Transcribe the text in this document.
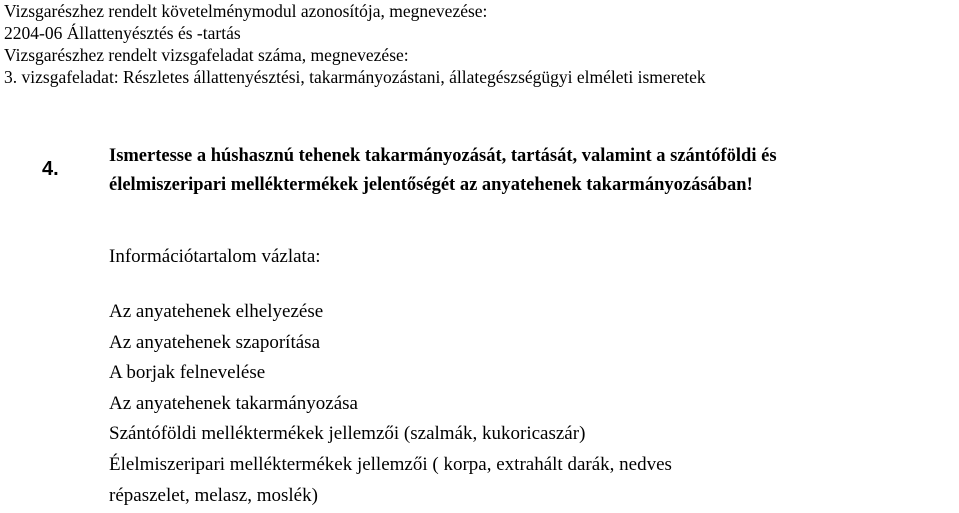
Vizsgarészhez rendelt követelménymodul azonosítója, megnevezése:
2204-06 Állattenyésztés és -tartás
Vizsgarészhez rendelt vizsgafeladat száma, megnevezése:
3. vizsgafeladat: Részletes állattenyésztési, takarmányozástani, állategészségügyi elméleti ismeretek
4.
Ismertesse a húshasznú tehenek takarmányozását, tartását, valamint a szántóföldi és
élelmiszeripari melléktermékek jelentőségét az anyatehenek takarmányozásában!
Információtartalom vázlata:
Az anyatehenek elhelyezése
Az anyatehenek szaporítása
A borjak felnevelése
Az anyatehenek takarmányozása
Szántóföldi melléktermékek jellemzői (szalmák, kukoricaszár)
Élelmiszeripari melléktermékek jellemzői ( korpa, extrahált darák, nedves
répaszelet, melasz, moslék)
